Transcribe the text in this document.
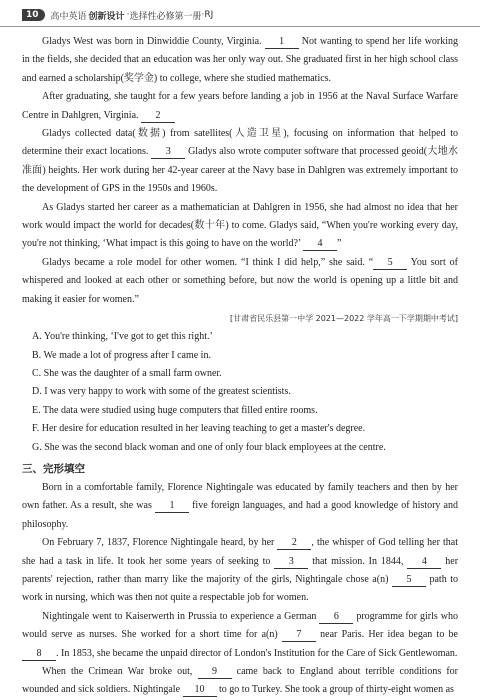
10	高中英语 创新设计 · 选择性必修第一册 · RJ

Gladys West was born in Dinwiddie County, Virginia. 1 Not wanting to spend her life working in the fields, she decided that an education was her only way out. She graduated first in her high school class and earned a scholarship(奖学金) to college, where she studied mathematics.

After graduating, she taught for a few years before landing a job in 1956 at the Naval Surface Warfare Centre in Dahlgren, Virginia. 2

Gladys collected data(数据) from satellites(人造卫星), focusing on information that helped to determine their exact locations. 3 Gladys also wrote computer software that processed geoid(大地水准面) heights. Her work during her 42-year career at the Navy base in Dahlgren was extremely important to the development of GPS in the 1950s and 1960s.

As Gladys started her career as a mathematician at Dahlgren in 1956, she had almost no idea that her work would impact the world for decades(数十年) to come. Gladys said, “When you're working every day, you're not thinking, ‘What impact is this going to have on the world?’ 4 ”

Gladys became a role model for other women. “I think I did help,” she said. “ 5 You sort of whispered and looked at each other or something before, but now the world is opening up a little bit and making it easier for women.”

[甘肃省民乐县第一中学 2021—2022 学年高一下学期期中考试]

A. You're thinking, ‘I've got to get this right.’

B. We made a lot of progress after I came in.

C. She was the daughter of a small farm owner.

D. I was very happy to work with some of the greatest scientists.

E. The data were studied using huge computers that filled entire rooms.

F. Her desire for education resulted in her leaving teaching to get a master's degree.

G. She was the second black woman and one of only four black employees at the centre.

三、完形填空

Born in a comfortable family, Florence Nightingale was educated by family teachers and then by her own father. As a result, she was 1 five foreign languages, and had a good knowledge of history and philosophy.

On February 7, 1837, Florence Nightingale heard, by her 2 , the whisper of God telling her that she had a task in life. It took her some years of seeking to 3 that mission. In 1844, 4 her parents' rejection, rather than marry like the majority of the girls, Nightingale chose a(n) 5 path to work in nursing, which was then not quite a respectable job for women.

Nightingale went to Kaiserwerth in Prussia to experience a German 6 programme for girls who would serve as nurses. She worked for a short time for a(n) 7 near Paris. Her idea began to be 8 . In 1853, she became the unpaid director of London's Institution for the Care of Sick Gentlewoman.

When the Crimean War broke out, 9 came back to England about terrible conditions for wounded and sick soldiers. Nightingale 10 to go to Turkey. She took a group of thirty-eight women as
